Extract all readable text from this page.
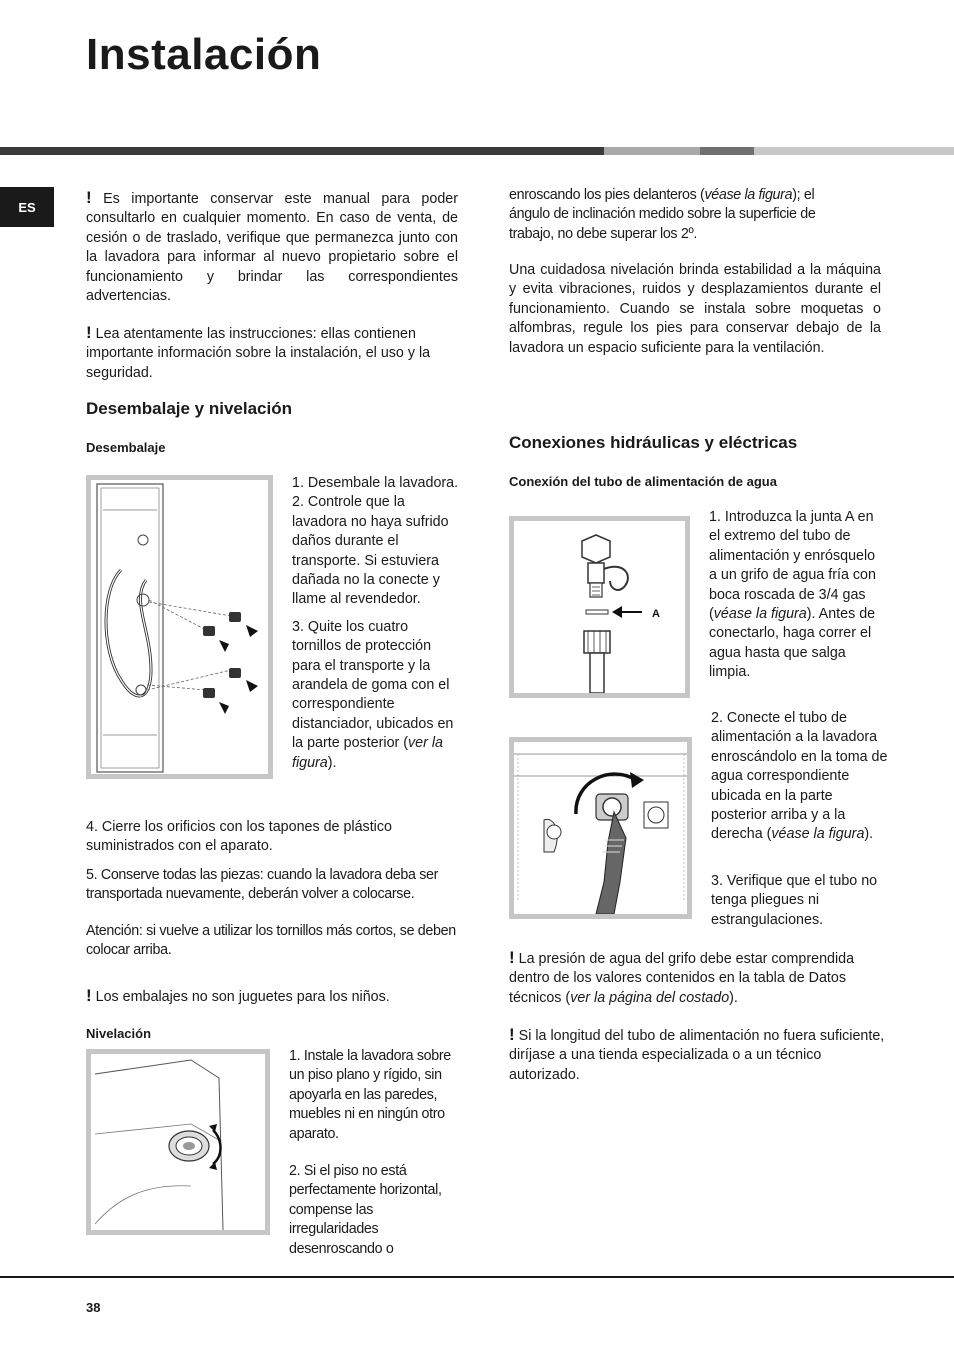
Instalación
ES	! Es importante conservar este manual para poder consultarlo en cualquier momento. En caso de venta, de cesión o de traslado, verifique que permanezca junto con la lavadora para informar al nuevo propietario sobre el funcionamiento y brindar las correspondientes advertencias.

! Lea atentamente las instrucciones: ellas contienen importante información sobre la instalación, el uso y la seguridad.

Desembalaje y nivelación
Desembalaje
1. Desembale la lavadora.
2. Controle que la lavadora no haya sufrido daños durante el transporte. Si estuviera dañada no la conecte y llame al revendedor.
3. Quite los cuatro tornillos de protección para el transporte y la arandela de goma con el correspondiente distanciador, ubicados en la parte posterior (ver la figura).

4. Cierre los orificios con los tapones de plástico suministrados con el aparato.

5. Conserve todas las piezas: cuando la lavadora deba ser transportada nuevamente, deberán volver a colocarse.

Atención: si vuelve a utilizar los tornillos más cortos, se deben colocar arriba.

! Los embalajes no son juguetes para los niños.

Nivelación
1. Instale la lavadora sobre un piso plano y rígido, sin apoyarla en las paredes, muebles ni en ningún otro aparato.
2. Si el piso no está perfectamente horizontal, compense las irregularidades desenroscando o

enroscando los pies delanteros (véase la figura); el ángulo de inclinación medido sobre la superficie de trabajo, no debe superar los 2º.

Una cuidadosa nivelación brinda estabilidad a la máquina y evita vibraciones, ruidos y desplazamientos durante el funcionamiento. Cuando se instala sobre moquetas o alfombras, regule los pies para conservar debajo de la lavadora un espacio suficiente para la ventilación.

Conexiones hidráulicas y eléctricas
Conexión del tubo de alimentación de agua
A
1. Introduzca la junta A en el extremo del tubo de alimentación y enrósquelo a un grifo de agua fría con boca roscada de 3/4 gas (véase la figura). Antes de conectarlo, haga correr el agua hasta que salga limpia.
2. Conecte el tubo de alimentación a la lavadora enroscándolo en la toma de agua correspondiente ubicada en la parte posterior arriba y a la derecha (véase la figura).
3. Verifique que el tubo no tenga pliegues ni estrangulaciones.

! La presión de agua del grifo debe estar comprendida dentro de los valores contenidos en la tabla de Datos técnicos (ver la página del costado).

! Si la longitud del tubo de alimentación no fuera suficiente, diríjase a una tienda especializada o a un técnico autorizado.

38
